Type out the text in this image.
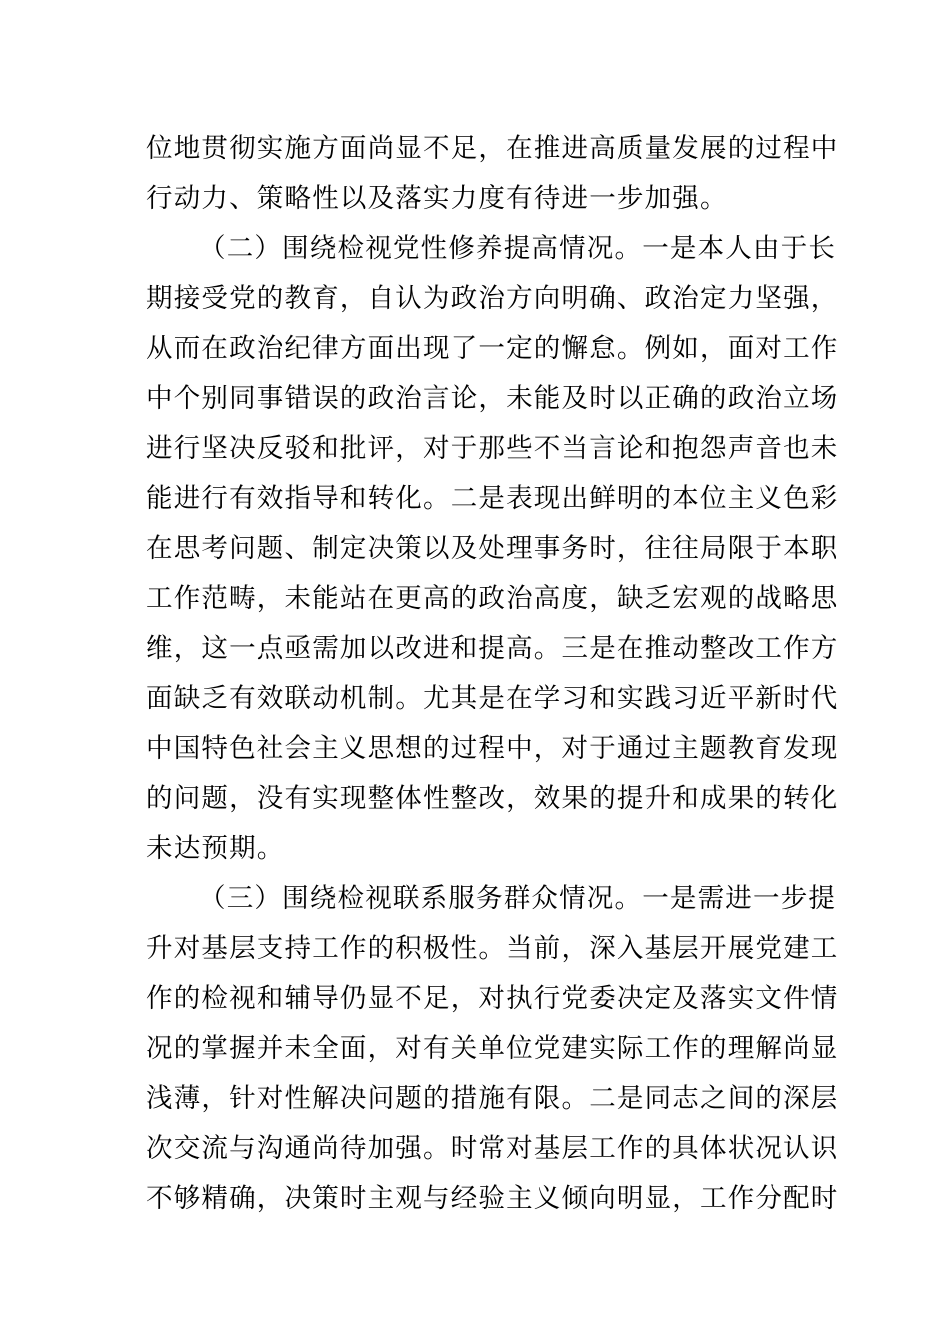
位地贯彻实施方面尚显不足，在推进高质量发展的过程中
行动力、策略性以及落实力度有待进一步加强。
（二）围绕检视党性修养提高情况。一是本人由于长
期接受党的教育，自认为政治方向明确、政治定力坚强，
从而在政治纪律方面出现了一定的懈怠。例如，面对工作
中个别同事错误的政治言论，未能及时以正确的政治立场
进行坚决反驳和批评，对于那些不当言论和抱怨声音也未
能进行有效指导和转化。二是表现出鲜明的本位主义色彩
在思考问题、制定决策以及处理事务时，往往局限于本职
工作范畴，未能站在更高的政治高度，缺乏宏观的战略思
维，这一点亟需加以改进和提高。三是在推动整改工作方
面缺乏有效联动机制。尤其是在学习和实践习近平新时代
中国特色社会主义思想的过程中，对于通过主题教育发现
的问题，没有实现整体性整改，效果的提升和成果的转化
未达预期。
（三）围绕检视联系服务群众情况。一是需进一步提
升对基层支持工作的积极性。当前，深入基层开展党建工
作的检视和辅导仍显不足，对执行党委决定及落实文件情
况的掌握并未全面，对有关单位党建实际工作的理解尚显
浅薄，针对性解决问题的措施有限。二是同志之间的深层
次交流与沟通尚待加强。时常对基层工作的具体状况认识
不够精确，决策时主观与经验主义倾向明显，工作分配时
